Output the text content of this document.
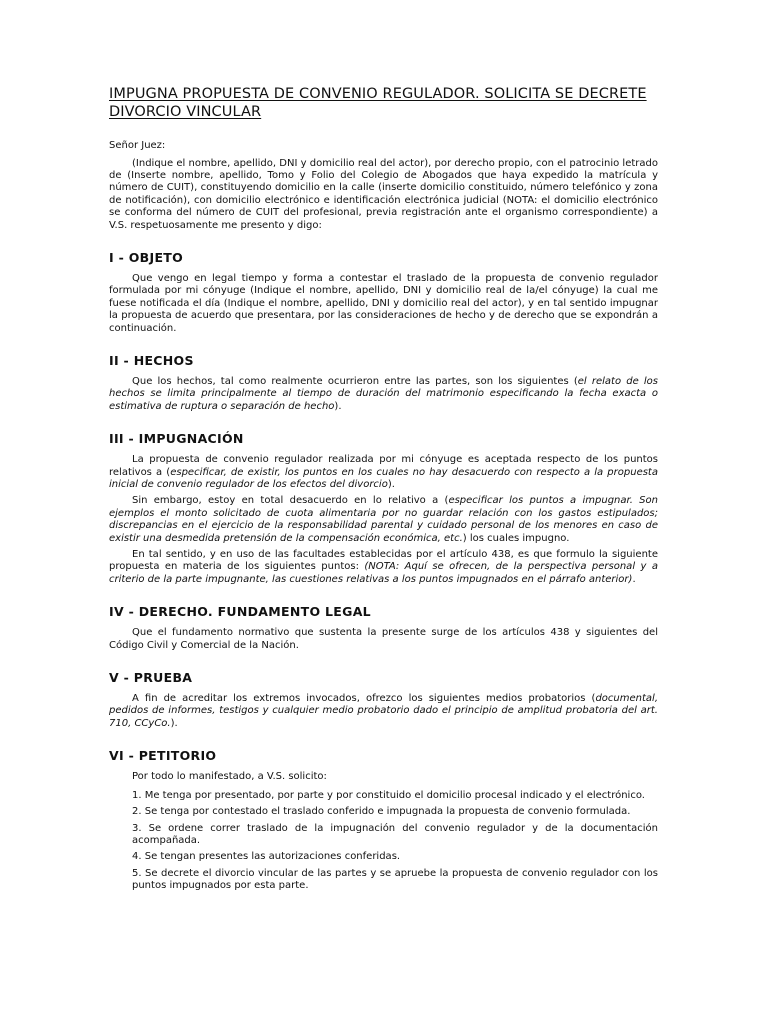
IMPUGNA PROPUESTA DE CONVENIO REGULADOR. SOLICITA SE DECRETE DIVORCIO VINCULAR
Señor Juez:

(Indique el nombre, apellido, DNI y domicilio real del actor), por derecho propio, con el patrocinio letrado de (Inserte nombre, apellido, Tomo y Folio del Colegio de Abogados que haya expedido la matrícula y número de CUIT), constituyendo domicilio en la calle (inserte domicilio constituido, número telefónico y zona de notificación), con domicilio electrónico e identificación electrónica judicial (NOTA: el domicilio electrónico se conforma del número de CUIT del profesional, previa registración ante el organismo correspondiente) a V.S. respetuosamente me presento y digo:

I - OBJETO

Que vengo en legal tiempo y forma a contestar el traslado de la propuesta de convenio regulador formulada por mi cónyuge (Indique el nombre, apellido, DNI y domicilio real de la/el cónyuge) la cual me fuese notificada el día (Indique el nombre, apellido, DNI y domicilio real del actor), y en tal sentido impugnar la propuesta de acuerdo que presentara, por las consideraciones de hecho y de derecho que se expondrán a continuación.

II - HECHOS

Que los hechos, tal como realmente ocurrieron entre las partes, son los siguientes (el relato de los hechos se limita principalmente al tiempo de duración del matrimonio especificando la fecha exacta o estimativa de ruptura o separación de hecho).

III - IMPUGNACIÓN

La propuesta de convenio regulador realizada por mi cónyuge es aceptada respecto de los puntos relativos a (especificar, de existir, los puntos en los cuales no hay desacuerdo con respecto a la propuesta inicial de convenio regulador de los efectos del divorcio).

Sin embargo, estoy en total desacuerdo en lo relativo a (especificar los puntos a impugnar. Son ejemplos el monto solicitado de cuota alimentaria por no guardar relación con los gastos estipulados; discrepancias en el ejercicio de la responsabilidad parental y cuidado personal de los menores en caso de existir una desmedida pretensión de la compensación económica, etc.) los cuales impugno.

En tal sentido, y en uso de las facultades establecidas por el artículo 438, es que formulo la siguiente propuesta en materia de los siguientes puntos: (NOTA: Aquí se ofrecen, de la perspectiva personal y a criterio de la parte impugnante, las cuestiones relativas a los puntos impugnados en el párrafo anterior).

IV - DERECHO. FUNDAMENTO LEGAL

Que el fundamento normativo que sustenta la presente surge de los artículos 438 y siguientes del Código Civil y Comercial de la Nación.

V - PRUEBA

A fin de acreditar los extremos invocados, ofrezco los siguientes medios probatorios (documental, pedidos de informes, testigos y cualquier medio probatorio dado el principio de amplitud probatoria del art. 710, CCyCo.).

VI - PETITORIO
Por todo lo manifestado, a V.S. solicito:
1. Me tenga por presentado, por parte y por constituido el domicilio procesal indicado y el electrónico.
2. Se tenga por contestado el traslado conferido e impugnada la propuesta de convenio formulada.
3. Se ordene correr traslado de la impugnación del convenio regulador y de la documentación acompañada.
4. Se tengan presentes las autorizaciones conferidas.
5. Se decrete el divorcio vincular de las partes y se apruebe la propuesta de convenio regulador con los puntos impugnados por esta parte.
